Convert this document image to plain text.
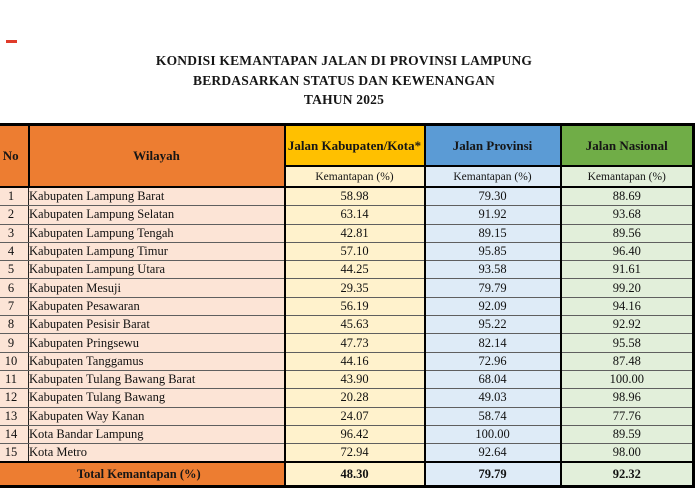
KONDISI KEMANTAPAN JALAN DI PROVINSI LAMPUNG
BERDASARKAN STATUS DAN KEWENANGAN
TAHUN 2025
No	Wilayah	Jalan Kabupaten/Kota*	Jalan Provinsi	Jalan Nasional
		Kemantapan (%)	Kemantapan (%)	Kemantapan (%)
1	Kabupaten Lampung Barat	58.98	79.30	88.69
2	Kabupaten Lampung Selatan	63.14	91.92	93.68
3	Kabupaten Lampung Tengah	42.81	89.15	89.56
4	Kabupaten Lampung Timur	57.10	95.85	96.40
5	Kabupaten Lampung Utara	44.25	93.58	91.61
6	Kabupaten Mesuji	29.35	79.79	99.20
7	Kabupaten Pesawaran	56.19	92.09	94.16
8	Kabupaten Pesisir Barat	45.63	95.22	92.92
9	Kabupaten Pringsewu	47.73	82.14	95.58
10	Kabupaten Tanggamus	44.16	72.96	87.48
11	Kabupaten Tulang Bawang Barat	43.90	68.04	100.00
12	Kabupaten Tulang Bawang	20.28	49.03	98.96
13	Kabupaten Way Kanan	24.07	58.74	77.76
14	Kota Bandar Lampung	96.42	100.00	89.59
15	Kota Metro	72.94	92.64	98.00
Total Kemantapan (%)		48.30	79.79	92.32
